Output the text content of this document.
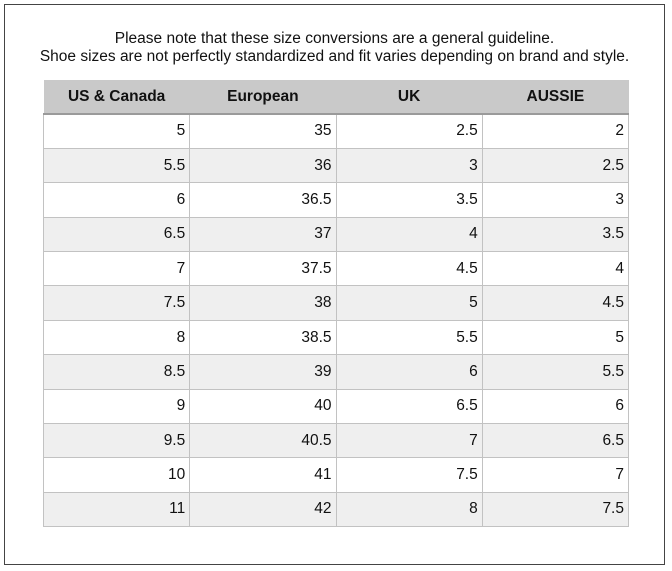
Please note that these size conversions are a general guideline.
Shoe sizes are not perfectly standardized and fit varies depending on brand and style.
US & Canada	European	UK	AUSSIE
5	35	2.5	2
5.5	36	3	2.5
6	36.5	3.5	3
6.5	37	4	3.5
7	37.5	4.5	4
7.5	38	5	4.5
8	38.5	5.5	5
8.5	39	6	5.5
9	40	6.5	6
9.5	40.5	7	6.5
10	41	7.5	7
11	42	8	7.5
